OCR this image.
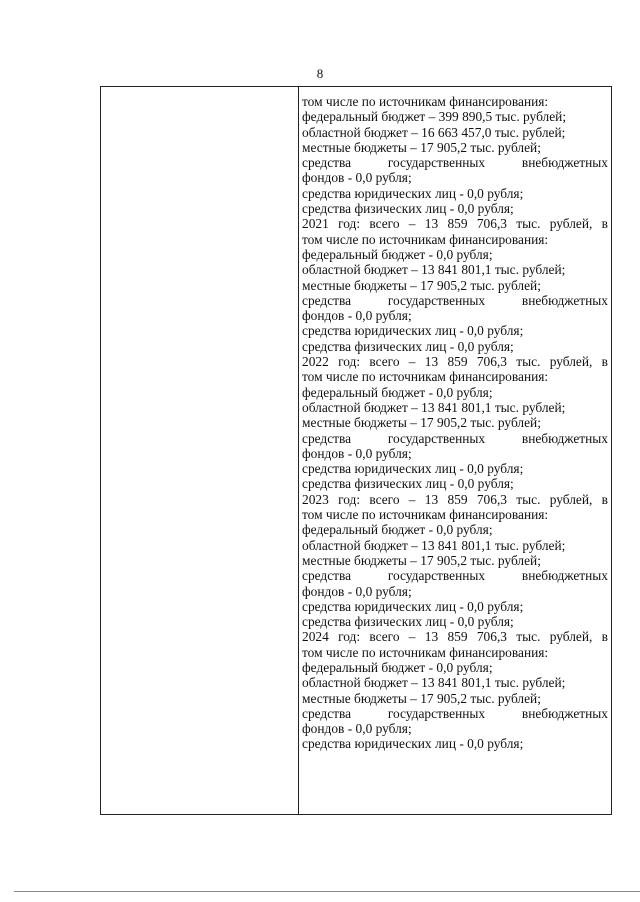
8
том числе по источникам финансирования:
федеральный бюджет – 399 890,5 тыс. рублей;
областной бюджет – 16 663 457,0 тыс. рублей;
местные бюджеты – 17 905,2 тыс. рублей;
средства государственных внебюджетных
фондов - 0,0 рубля;
средства юридических лиц - 0,0 рубля;
средства физических лиц - 0,0 рубля;
2021 год: всего – 13 859 706,3 тыс. рублей, в
том числе по источникам финансирования:
федеральный бюджет - 0,0 рубля;
областной бюджет – 13 841 801,1 тыс. рублей;
местные бюджеты – 17 905,2 тыс. рублей;
средства государственных внебюджетных
фондов - 0,0 рубля;
средства юридических лиц - 0,0 рубля;
средства физических лиц - 0,0 рубля;
2022 год: всего – 13 859 706,3 тыс. рублей, в
том числе по источникам финансирования:
федеральный бюджет - 0,0 рубля;
областной бюджет – 13 841 801,1 тыс. рублей;
местные бюджеты – 17 905,2 тыс. рублей;
средства государственных внебюджетных
фондов - 0,0 рубля;
средства юридических лиц - 0,0 рубля;
средства физических лиц - 0,0 рубля;
2023 год: всего – 13 859 706,3 тыс. рублей, в
том числе по источникам финансирования:
федеральный бюджет - 0,0 рубля;
областной бюджет – 13 841 801,1 тыс. рублей;
местные бюджеты – 17 905,2 тыс. рублей;
средства государственных внебюджетных
фондов - 0,0 рубля;
средства юридических лиц - 0,0 рубля;
средства физических лиц - 0,0 рубля;
2024 год: всего – 13 859 706,3 тыс. рублей, в
том числе по источникам финансирования:
федеральный бюджет - 0,0 рубля;
областной бюджет – 13 841 801,1 тыс. рублей;
местные бюджеты – 17 905,2 тыс. рублей;
средства государственных внебюджетных
фондов - 0,0 рубля;
средства юридических лиц - 0,0 рубля;
